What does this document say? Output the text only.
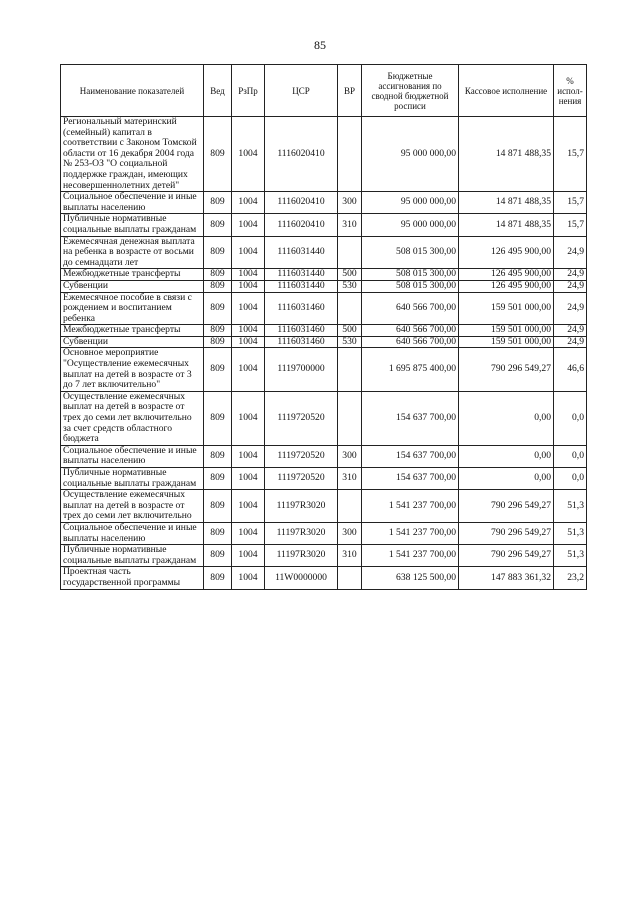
85
Наименование показателей	Вед	РзПр	ЦСР	ВР	Бюджетные ассигнования по сводной бюджетной росписи	Кассовое исполнение	% испол-нения
Региональный материнский (семейный) капитал в соответствии с Законом Томской области от 16 декабря 2004 года № 253-ОЗ "О социальной поддержке граждан, имеющих несовершеннолетних детей"	809	1004	1116020410		95 000 000,00	14 871 488,35	15,7
Социальное обеспечение и иные выплаты населению	809	1004	1116020410	300	95 000 000,00	14 871 488,35	15,7
Публичные нормативные социальные выплаты гражданам	809	1004	1116020410	310	95 000 000,00	14 871 488,35	15,7
Ежемесячная денежная выплата на ребенка в возрасте от восьми до семнадцати лет	809	1004	1116031440		508 015 300,00	126 495 900,00	24,9
Межбюджетные трансферты	809	1004	1116031440	500	508 015 300,00	126 495 900,00	24,9
Субвенции	809	1004	1116031440	530	508 015 300,00	126 495 900,00	24,9
Ежемесячное пособие в связи с рождением и воспитанием ребенка	809	1004	1116031460		640 566 700,00	159 501 000,00	24,9
Межбюджетные трансферты	809	1004	1116031460	500	640 566 700,00	159 501 000,00	24,9
Субвенции	809	1004	1116031460	530	640 566 700,00	159 501 000,00	24,9
Основное мероприятие "Осуществление ежемесячных выплат на детей в возрасте от 3 до 7 лет включительно"	809	1004	1119700000		1 695 875 400,00	790 296 549,27	46,6
Осуществление ежемесячных выплат на детей в возрасте от трех до семи лет включительно за счет средств областного бюджета	809	1004	1119720520		154 637 700,00	0,00	0,0
Социальное обеспечение и иные выплаты населению	809	1004	1119720520	300	154 637 700,00	0,00	0,0
Публичные нормативные социальные выплаты гражданам	809	1004	1119720520	310	154 637 700,00	0,00	0,0
Осуществление ежемесячных выплат на детей в возрасте от трех до семи лет включительно	809	1004	11197R3020		1 541 237 700,00	790 296 549,27	51,3
Социальное обеспечение и иные выплаты населению	809	1004	11197R3020	300	1 541 237 700,00	790 296 549,27	51,3
Публичные нормативные социальные выплаты гражданам	809	1004	11197R3020	310	1 541 237 700,00	790 296 549,27	51,3
Проектная часть государственной программы	809	1004	11W0000000		638 125 500,00	147 883 361,32	23,2
